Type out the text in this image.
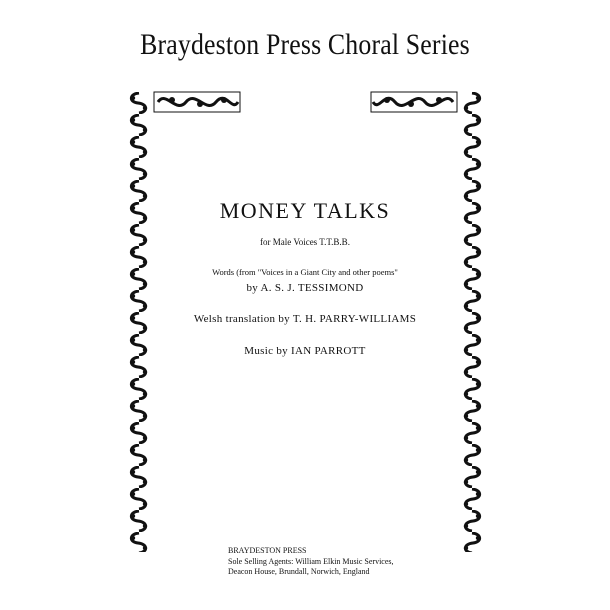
Braydeston Press Choral Series
MONEY TALKS
for Male Voices T.T.B.B.
Words (from "Voices in a Giant City and other poems"
by A. S. J. TESSIMOND
Welsh translation by T. H. PARRY-WILLIAMS
Music by IAN PARROTT
BRAYDESTON PRESS
Sole Selling Agents: William Elkin Music Services,
Deacon House, Brundall, Norwich, England
